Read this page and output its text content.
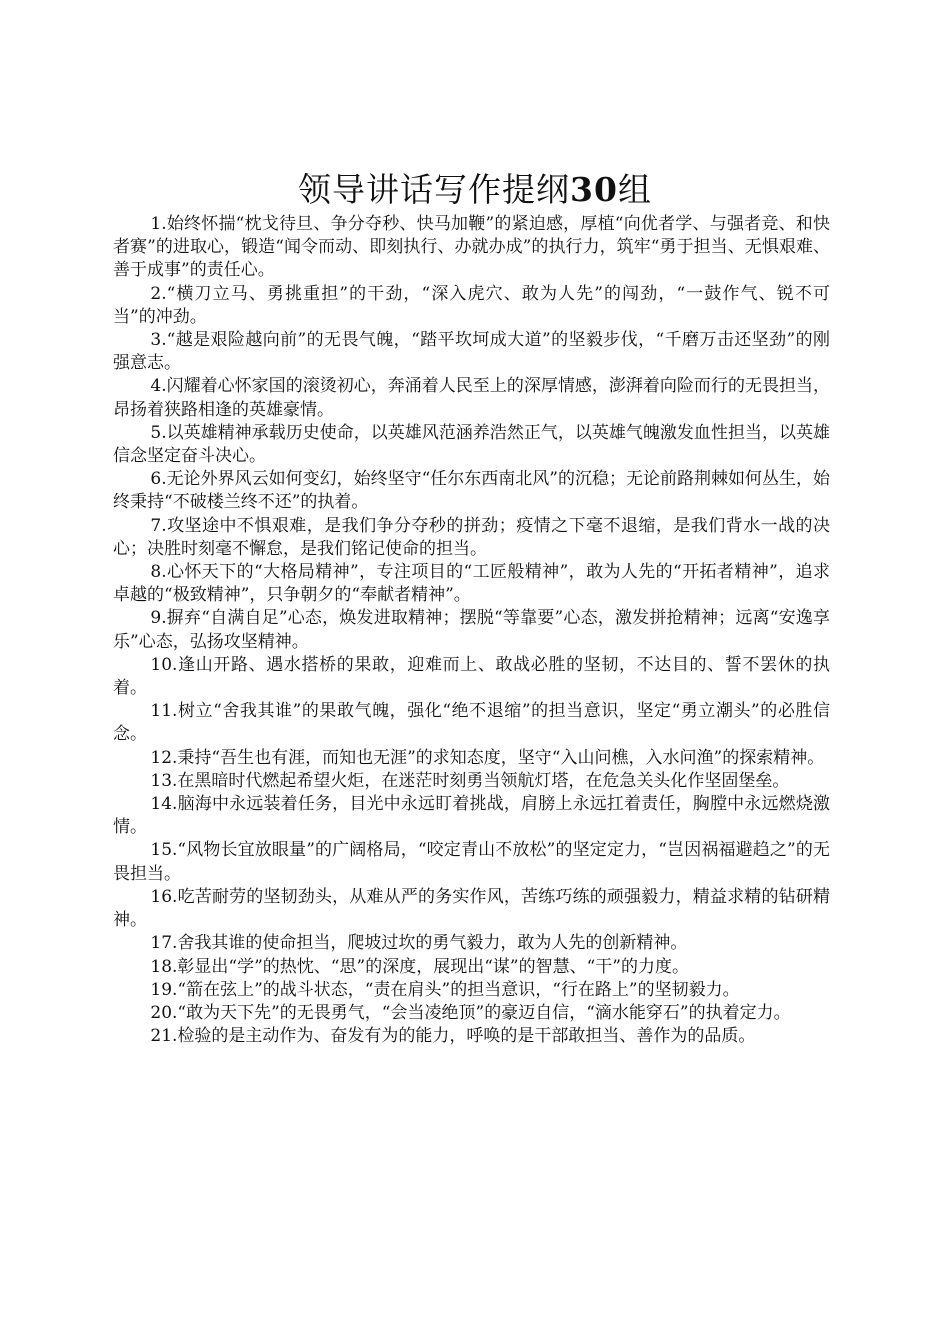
领导讲话写作提纲30组

1.始终怀揣“枕戈待旦、争分夺秒、快马加鞭”的紧迫感，厚植“向优者学、与强者竞、和快者赛”的进取心，锻造“闻令而动、即刻执行、办就办成”的执行力，筑牢“勇于担当、无惧艰难、善于成事”的责任心。

2.“横刀立马、勇挑重担”的干劲，“深入虎穴、敢为人先”的闯劲，“一鼓作气、锐不可当”的冲劲。

3.“越是艰险越向前”的无畏气魄，“踏平坎坷成大道”的坚毅步伐，“千磨万击还坚劲”的刚强意志。

4.闪耀着心怀家国的滚烫初心，奔涌着人民至上的深厚情感，澎湃着向险而行的无畏担当，昂扬着狭路相逢的英雄豪情。

5.以英雄精神承载历史使命，以英雄风范涵养浩然正气，以英雄气魄激发血性担当，以英雄信念坚定奋斗决心。

6.无论外界风云如何变幻，始终坚守“任尔东西南北风”的沉稳；无论前路荆棘如何丛生，始终秉持“不破楼兰终不还”的执着。

7.攻坚途中不惧艰难，是我们争分夺秒的拼劲；疫情之下毫不退缩，是我们背水一战的决心；决胜时刻毫不懈怠，是我们铭记使命的担当。

8.心怀天下的“大格局精神”，专注项目的“工匠般精神”，敢为人先的“开拓者精神”，追求卓越的“极致精神”，只争朝夕的“奉献者精神”。

9.摒弃“自满自足”心态，焕发进取精神；摆脱“等靠要”心态，激发拼抢精神；远离“安逸享乐”心态，弘扬攻坚精神。

10.逢山开路、遇水搭桥的果敢，迎难而上、敢战必胜的坚韧，不达目的、誓不罢休的执着。

11.树立“舍我其谁”的果敢气魄，强化“绝不退缩”的担当意识，坚定“勇立潮头”的必胜信念。

12.秉持“吾生也有涯，而知也无涯”的求知态度，坚守“入山问樵，入水问渔”的探索精神。

13.在黑暗时代燃起希望火炬，在迷茫时刻勇当领航灯塔，在危急关头化作坚固堡垒。

14.脑海中永远装着任务，目光中永远盯着挑战，肩膀上永远扛着责任，胸膛中永远燃烧激情。

15.“风物长宜放眼量”的广阔格局，“咬定青山不放松”的坚定定力，“岂因祸福避趋之”的无畏担当。

16.吃苦耐劳的坚韧劲头，从难从严的务实作风，苦练巧练的顽强毅力，精益求精的钻研精神。

17.舍我其谁的使命担当，爬坡过坎的勇气毅力，敢为人先的创新精神。

18.彰显出“学”的热忱、“思”的深度，展现出“谋”的智慧、“干”的力度。

19.“箭在弦上”的战斗状态，“责在肩头”的担当意识，“行在路上”的坚韧毅力。

20.“敢为天下先”的无畏勇气，“会当凌绝顶”的豪迈自信，“滴水能穿石”的执着定力。

21.检验的是主动作为、奋发有为的能力，呼唤的是干部敢担当、善作为的品质。
